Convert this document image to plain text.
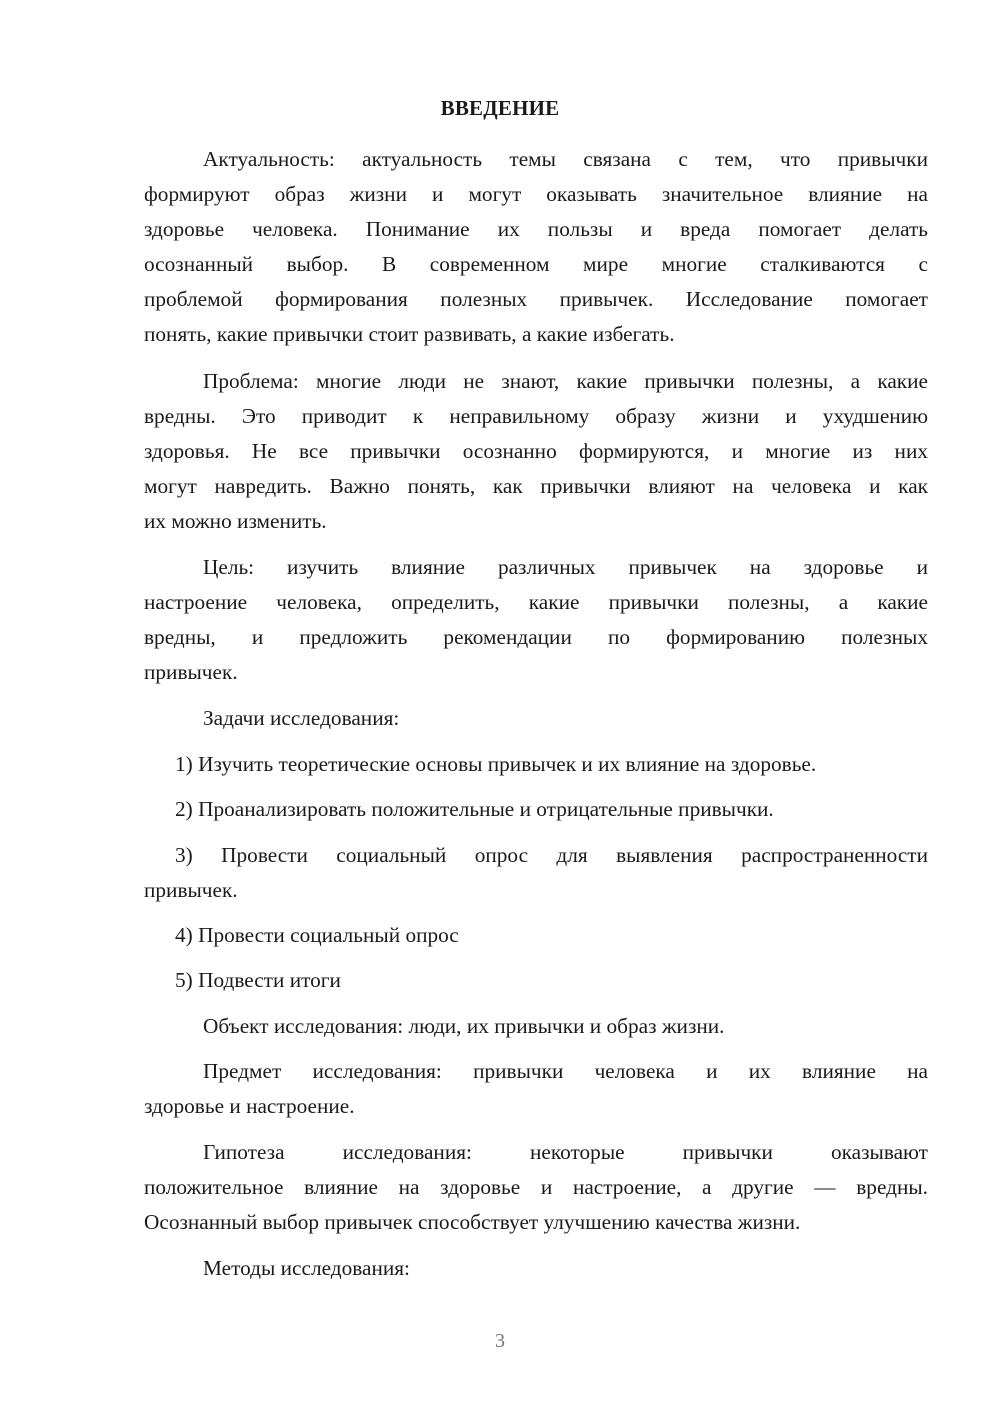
ВВЕДЕНИЕ
Актуальность: актуальность темы связана с тем, что привычки
формируют образ жизни и могут оказывать значительное влияние на
здоровье человека. Понимание их пользы и вреда помогает делать
осознанный выбор. В современном мире многие сталкиваются с
проблемой формирования полезных привычек. Исследование помогает
понять, какие привычки стоит развивать, а какие избегать.
Проблема: многие люди не знают, какие привычки полезны, а какие
вредны. Это приводит к неправильному образу жизни и ухудшению
здоровья. Не все привычки осознанно формируются, и многие из них
могут навредить. Важно понять, как привычки влияют на человека и как
их можно изменить.
Цель: изучить влияние различных привычек на здоровье и
настроение человека, определить, какие привычки полезны, а какие
вредны, и предложить рекомендации по формированию полезных
привычек.
Задачи исследования:
1) Изучить теоретические основы привычек и их влияние на здоровье.
2) Проанализировать положительные и отрицательные привычки.
3) Провести социальный опрос для выявления распространенности
привычек.
4) Провести социальный опрос
5) Подвести итоги
Объект исследования: люди, их привычки и образ жизни.
Предмет исследования: привычки человека и их влияние на
здоровье и настроение.
Гипотеза исследования: некоторые привычки оказывают
положительное влияние на здоровье и настроение, а другие — вредны.
Осознанный выбор привычек способствует улучшению качества жизни.
Методы исследования:
3
